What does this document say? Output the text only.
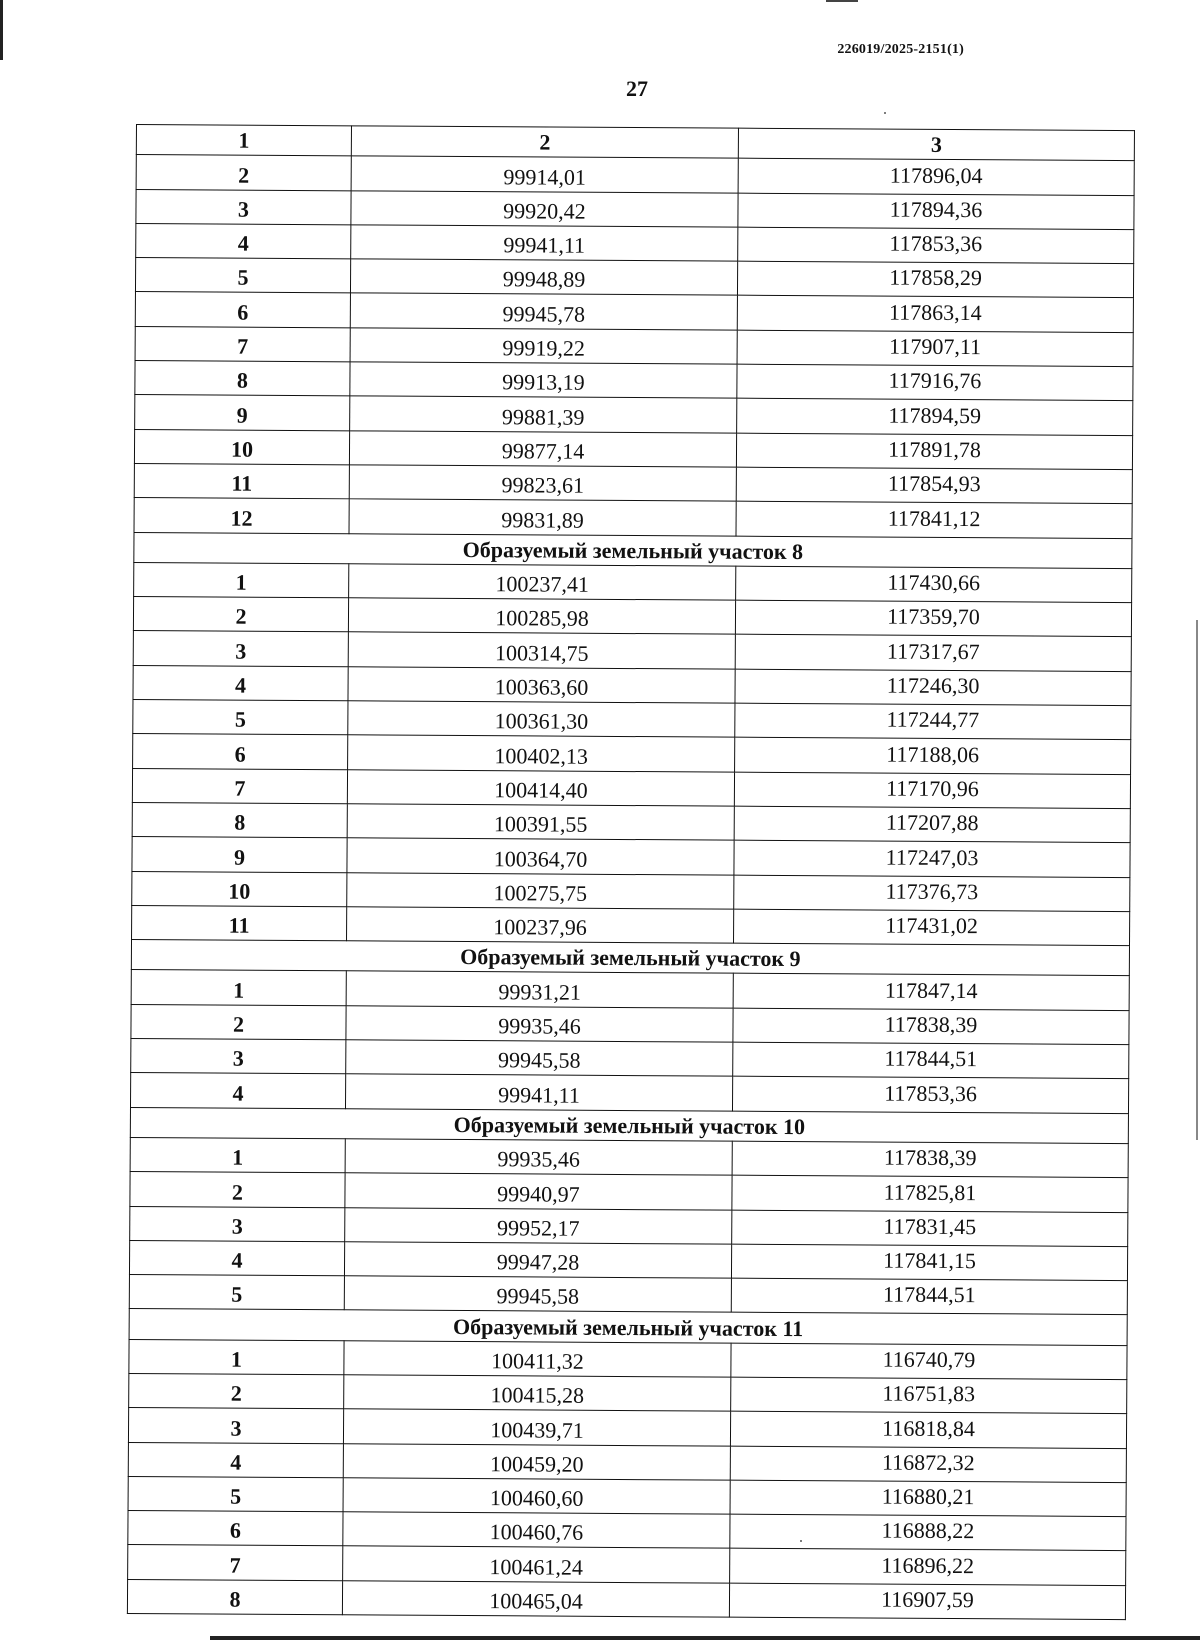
226019/2025-2151(1)
27
1	2	3
2	99914,01	117896,04
3	99920,42	117894,36
4	99941,11	117853,36
5	99948,89	117858,29
6	99945,78	117863,14
7	99919,22	117907,11
8	99913,19	117916,76
9	99881,39	117894,59
10	99877,14	117891,78
11	99823,61	117854,93
12	99831,89	117841,12
Образуемый земельный участок 8		
1	100237,41	117430,66
2	100285,98	117359,70
3	100314,75	117317,67
4	100363,60	117246,30
5	100361,30	117244,77
6	100402,13	117188,06
7	100414,40	117170,96
8	100391,55	117207,88
9	100364,70	117247,03
10	100275,75	117376,73
11	100237,96	117431,02
Образуемый земельный участок 9		
1	99931,21	117847,14
2	99935,46	117838,39
3	99945,58	117844,51
4	99941,11	117853,36
Образуемый земельный участок 10		
1	99935,46	117838,39
2	99940,97	117825,81
3	99952,17	117831,45
4	99947,28	117841,15
5	99945,58	117844,51
Образуемый земельный участок 11		
1	100411,32	116740,79
2	100415,28	116751,83
3	100439,71	116818,84
4	100459,20	116872,32
5	100460,60	116880,21
6	100460,76	116888,22
7	100461,24	116896,22
8	100465,04	116907,59
